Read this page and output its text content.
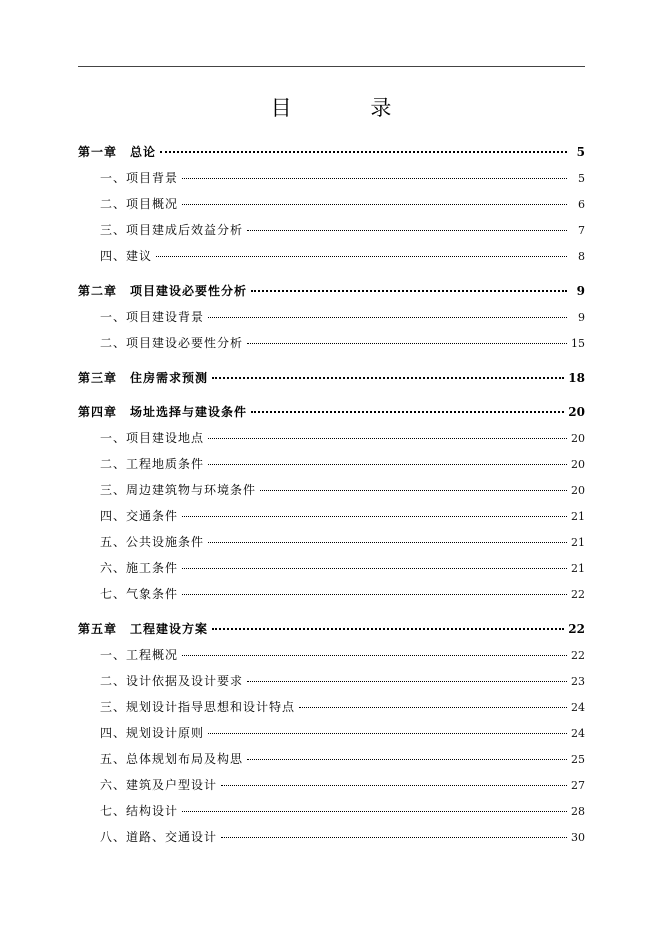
目 录
第一章　总论	5
一、项目背景	5
二、项目概况	6
三、项目建成后效益分析	7
四、建议	8
第二章　项目建设必要性分析	9
一、项目建设背景	9
二、项目建设必要性分析	15
第三章　住房需求预测	18
第四章　场址选择与建设条件	20
一、项目建设地点	20
二、工程地质条件	20
三、周边建筑物与环境条件	20
四、交通条件	21
五、公共设施条件	21
六、施工条件	21
七、气象条件	22
第五章　工程建设方案	22
一、工程概况	22
二、设计依据及设计要求	23
三、规划设计指导思想和设计特点	24
四、规划设计原则	24
五、总体规划布局及构思	25
六、建筑及户型设计	27
七、结构设计	28
八、道路、交通设计	30
